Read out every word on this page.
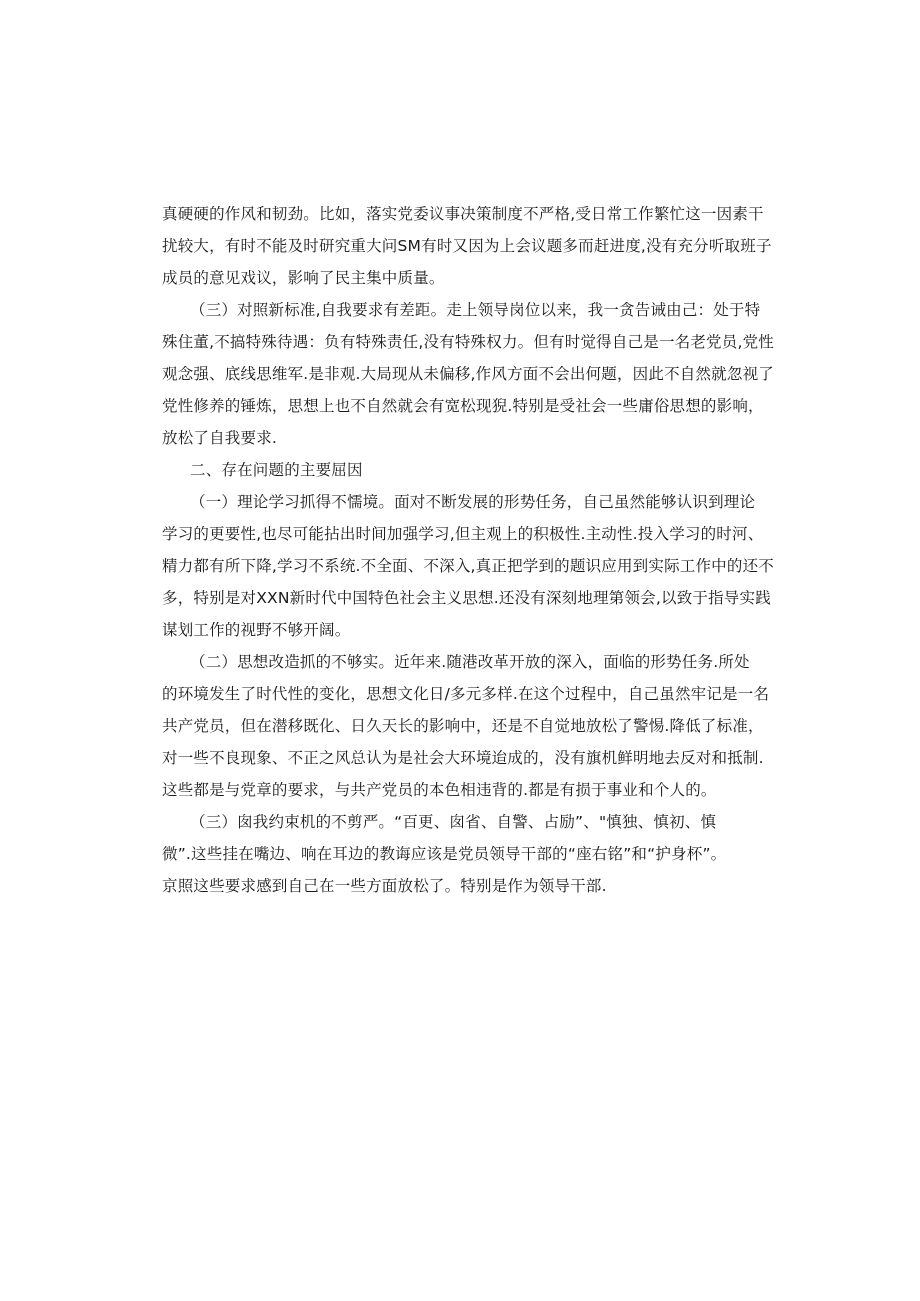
真硬硬的作风和韧劲。比如，落实党委议事决策制度不严格,受日常工作繁忙这一因素干
扰较大，有时不能及时研究重大问SM有时又因为上会议题多而赶进度,没有充分听取班子
成员的意见戏议，影响了民主集中质量。
（三）对照新标准,自我要求有差距。走上领导岗位以来，我一贪告诫由己：处于特
殊住董,不搞特殊待遇：负有特殊责任,没有特殊权力。但有时觉得自己是一名老党员,党性
观念强、底线思维军.是非观.大局现从未偏移,作风方面不会出何题，因此不自然就忽视了
党性修养的锤炼，思想上也不自然就会有宽松现猊.特别是受社会一些庸俗思想的影响，
放松了自我要求.
二、存在问题的主要屈因
（一）理论学习抓得不懦境。面对不断发展的形势任务，自己虽然能够认识到理论
学习的更要性,也尽可能拈出时间加强学习,但主观上的积极性.主动性.投入学习的时河、
精力都有所下降,学习不系统.不全面、不深入,真正把学到的题识应用到实际工作中的还不
多，特别是对XXN新时代中国特色社会主义思想.还没有深刻地理第领会,以致于指导实践
谋划工作的视野不够开阔。
（二）思想改造抓的不够实。近年来.随港改革开放的深入，面临的形势任务.所处
的环境发生了时代性的变化，思想文化日/多元多样.在这个过程中，自己虽然牢记是一名
共产党员，但在潜移既化、日久天长的影响中，还是不自觉地放松了警惕.降低了标准，
对一些不良现象、不正之风总认为是社会大环境迨成的，没有旗机鲜明地去反对和抵制.
这些都是与党章的要求，与共产党员的本色相违背的.都是有损于事业和个人的。
（三）囱我约束机的不剪严。“百更、囱省、自警、占励”、"慎独、慎初、慎
微”.这些挂在嘴边、响在耳边的教诲应该是党员领导干部的“座右铭”和“护身杯”。
京照这些要求感到自己在一些方面放松了。特别是作为领导干部.
